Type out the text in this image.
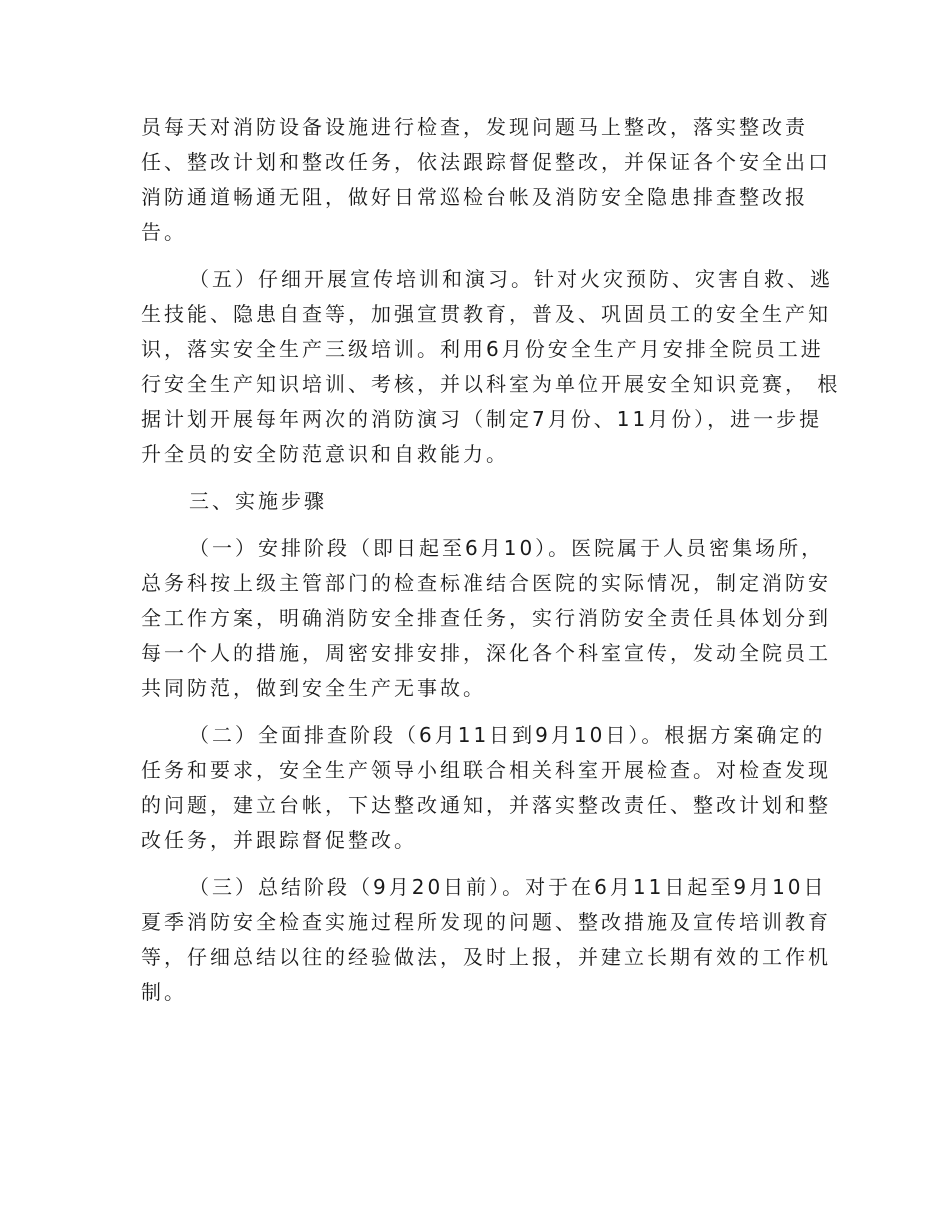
员每天对消防设备设施进行检查，发现问题马上整改，落实整改责
任、整改计划和整改任务，依法跟踪督促整改，并保证各个安全出口
消防通道畅通无阻，做好日常巡检台帐及消防安全隐患排查整改报
告。
（五）仔细开展宣传培训和演习。针对火灾预防、灾害自救、逃
生技能、隐患自查等，加强宣贯教育，普及、巩固员工的安全生产知
识，落实安全生产三级培训。利用6月份安全生产月安排全院员工进
行安全生产知识培训、考核，并以科室为单位开展安全知识竞赛， 根
据计划开展每年两次的消防演习（制定7月份、11月份），进一步提
升全员的安全防范意识和自救能力。
三、实施步骤
（一）安排阶段（即日起至6月10）。医院属于人员密集场所，
总务科按上级主管部门的检查标准结合医院的实际情况，制定消防安
全工作方案，明确消防安全排查任务，实行消防安全责任具体划分到
每一个人的措施，周密安排安排，深化各个科室宣传，发动全院员工
共同防范，做到安全生产无事故。
（二）全面排查阶段（6月11日到9月10日）。根据方案确定的
任务和要求，安全生产领导小组联合相关科室开展检查。对检查发现
的问题，建立台帐，下达整改通知，并落实整改责任、整改计划和整
改任务，并跟踪督促整改。
（三）总结阶段（9月20日前）。对于在6月11日起至9月10日
夏季消防安全检查实施过程所发现的问题、整改措施及宣传培训教育
等，仔细总结以往的经验做法，及时上报，并建立长期有效的工作机
制。
